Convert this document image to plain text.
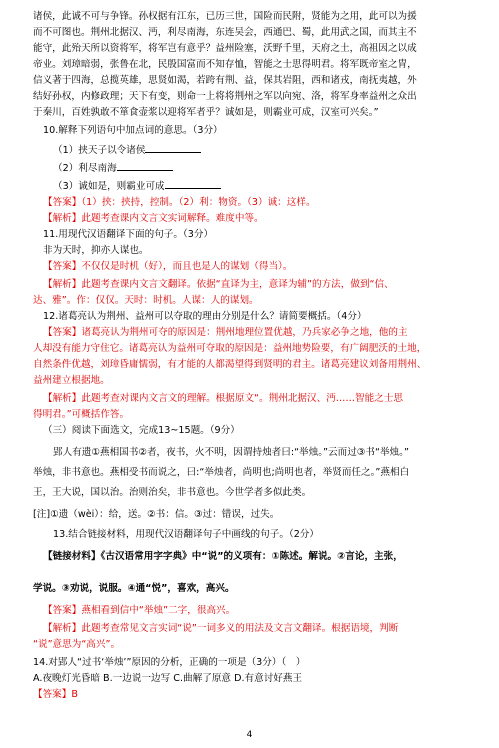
诸侯，此诚不可与争锋。孙权据有江东，已历三世，国险而民附，贤能为之用，此可以为援
而不可图也。荆州北据汉、沔，利尽南海，东连吴会，西通巴、蜀，此用武之国，而其主不
能守，此殆天所以资将军，将军岂有意乎？益州险塞，沃野千里，天府之土，高祖因之以成
帝业。刘璋暗弱，张鲁在北，民殷国富而不知存恤，智能之士思得明君。将军既帝室之胄，
信义著于四海，总揽英雄，思贤如渴，若跨有荆、益，保其岩阻，西和诸戎，南抚夷越，外
结好孙权，内修政理；天下有变，则命一上将将荆州之军以向宛、洛，将军身率益州之众出
于秦川，百姓孰敢不箪食壶浆以迎将军者乎？诚如是，则霸业可成，汉室可兴矣。”
10.解释下列语句中加点词的意思。（3分）
（1）挟天子以令诸侯
（2）利尽南海
（3）诚如是，则霸业可成
【答案】（1）挟：挟持，控制。（2）利：物资。（3）诚：这样。
【解析】此题考查课内文言文实词解释。难度中等。
11.用现代汉语翻译下面的句子。（3分）
非为天时，抑亦人谋也。
【答案】不仅仅是时机（好），而且也是人的谋划（得当）。
【解析】此题考查课内文言文翻译。依据“直译为主，意译为辅”的方法，做到“信、
达、雅”。作：仅仅。天时：时机。人谋：人的谋划。
12.诸葛亮认为荆州、益州可以夺取的理由分别是什么？请简要概括。（4分）
【答案】诸葛亮认为荆州可夺的原因是：荆州地理位置优越，乃兵家必争之地，他的主
人却没有能力守住它。诸葛亮认为益州可夺取的原因是：益州地势险要，有广阔肥沃的土地，
自然条件优越，刘璋昏庸懦弱，有才能的人都渴望得到贤明的君主。诸葛亮建议刘备用荆州、
益州建立根据地。
【解析】此题考查对课内文言文的理解。根据原文“。荆州北据汉、沔……智能之士思
得明君。”可概括作答。
（三）阅读下面选文，完成13~15题。（9分）
郢人有遗①燕相国书②者，夜书，火不明，因谓持烛者曰:“举烛。”云而过③书“举烛。”
举烛，非书意也。燕相受书而说之，曰:“举烛者，尚明也;尚明也者，举贤而任之。”燕相白
王，王大说，国以治。治则治矣，非书意也。今世学者多似此类。
[注]①遗（wèi）：给，送。②书：信。③过：错误，过失。
13.结合链接材料，用现代汉语翻译句子中画线的句子。（2分）
【链接材料】《古汉语常用字字典》中“说”的义项有：①陈述。解说。②言论，主张，
学说。③劝说，说服。④通“悦”，喜欢，高兴。
【答案】燕相看到信中“举烛”二字，很高兴。
【解析】此题考查常见文言实词“说”一词多义的用法及文言文翻译。根据语境，判断
“说”意思为“高兴”。
14.对郢人“过书‘举烛’”原因的分析，正确的一项是（3分）（　）
A.夜晚灯光昏暗 B.一边说一边写 C.曲解了原意 D.有意讨好燕王
【答案】B
4
